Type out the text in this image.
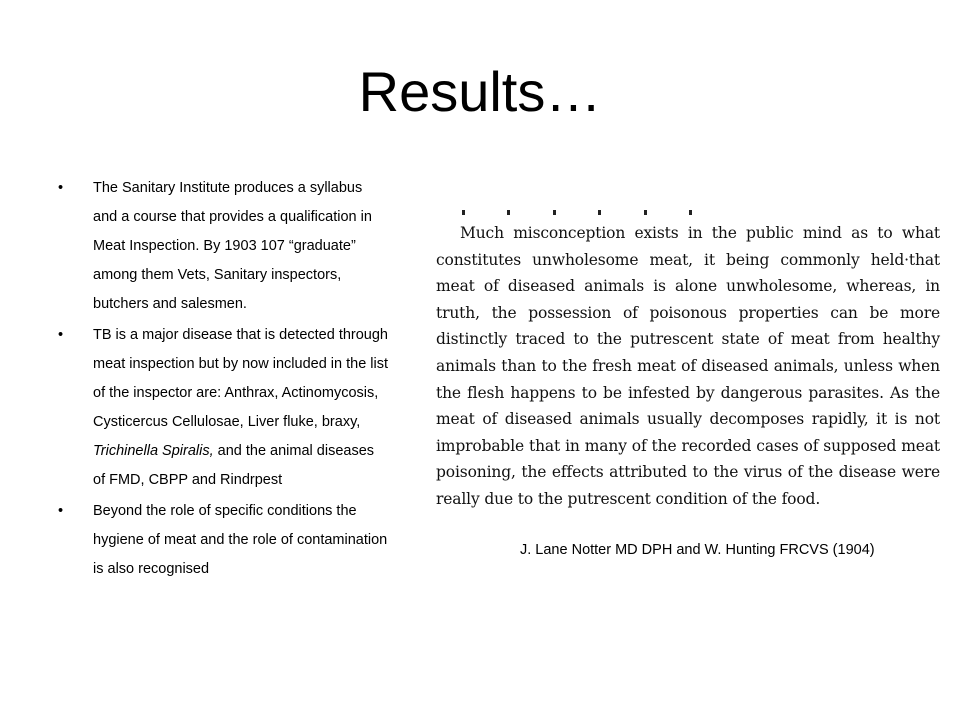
Results…
• The Sanitary Institute produces a syllabus and a course that provides a qualification in Meat Inspection. By 1903 107 “graduate” among them Vets, Sanitary inspectors, butchers and salesmen.
• TB is a major disease that is detected through meat inspection but by now included in the list of the inspector are: Anthrax, Actinomycosis, Cysticercus Cellulosae, Liver fluke, braxy, Trichinella Spiralis, and the animal diseases of FMD, CBPP and Rindrpest
• Beyond the role of specific conditions the hygiene of meat and the role of contamination is also recognised

Much misconception exists in the public mind as to what constitutes unwholesome meat, it being commonly held·that meat of diseased animals is alone unwholesome, whereas, in truth, the possession of poisonous properties can be more distinctly traced to the putrescent state of meat from healthy animals than to the fresh meat of diseased animals, unless when the flesh happens to be infested by dangerous parasites. As the meat of diseased animals usually decomposes rapidly, it is not improbable that in many of the recorded cases of supposed meat poisoning, the effects attributed to the virus of the disease were really due to the putrescent condition of the food.

J. Lane Notter MD DPH and W. Hunting FRCVS (1904)
